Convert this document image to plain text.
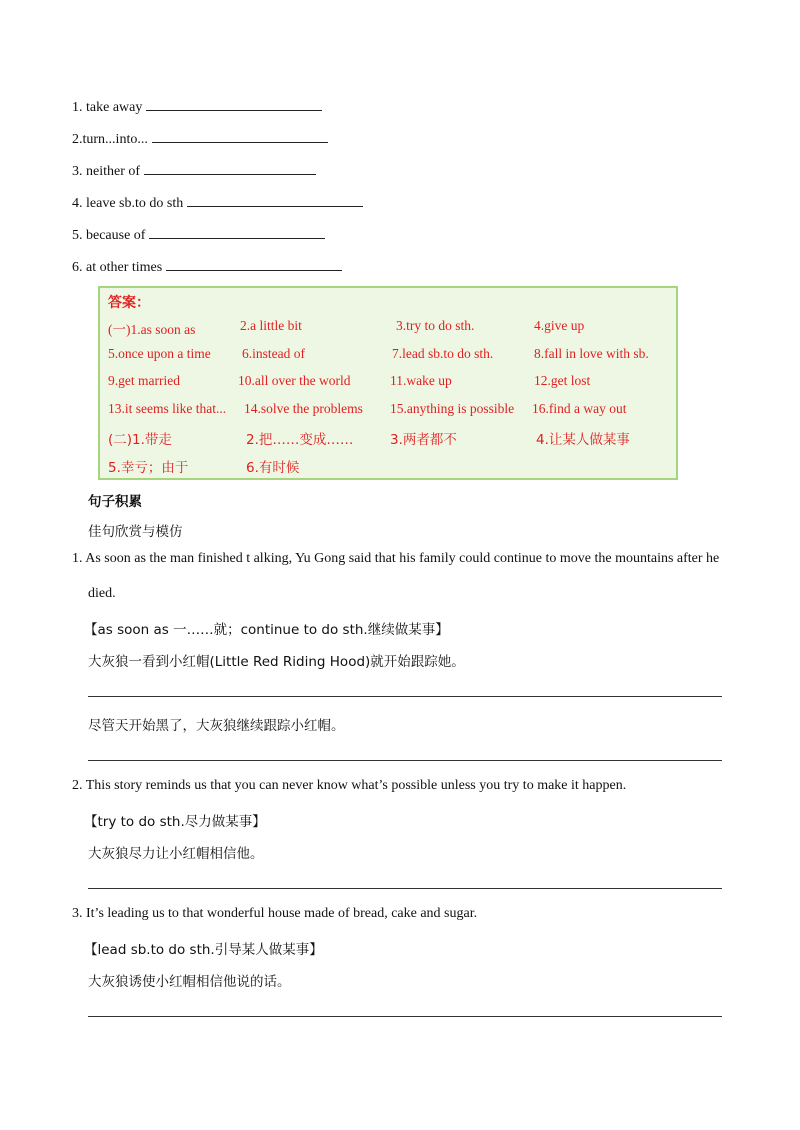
1. take away
2.turn...into...
3. neither of
4. leave sb.to do sth
5. because of
6. at other times
答案：
(一)1.as soon as	2.a little bit	3.try to do sth.	4.give up
5.once upon a time 6.instead of	7.lead sb.to do sth.	8.fall in love with sb.
9.get married	10.all over the world	11.wake up	12.get lost
13.it seems like that... 14.solve the problems 15.anything is possible 16.find a way out
(二)1.带走	2.把……变成……	3.两者都不	4.让某人做某事
5.幸亏；由于	6.有时候
句子积累
佳句欣赏与模仿
1. As soon as the man finished t alking, Yu Gong said that his family could continue to move the mountains after he
died.
【as soon as 一……就；continue to do sth.继续做某事】
大灰狼一看到小红帽(Little Red Riding Hood)就开始跟踪她。
尽管天开始黑了，大灰狼继续跟踪小红帽。
2. This story reminds us that you can never know what’s possible unless you try to make it happen.
【try to do sth.尽力做某事】
大灰狼尽力让小红帽相信他。
3. It’s leading us to that wonderful house made of bread, cake and sugar.
【lead sb.to do sth.引导某人做某事】
大灰狼诱使小红帽相信他说的话。
